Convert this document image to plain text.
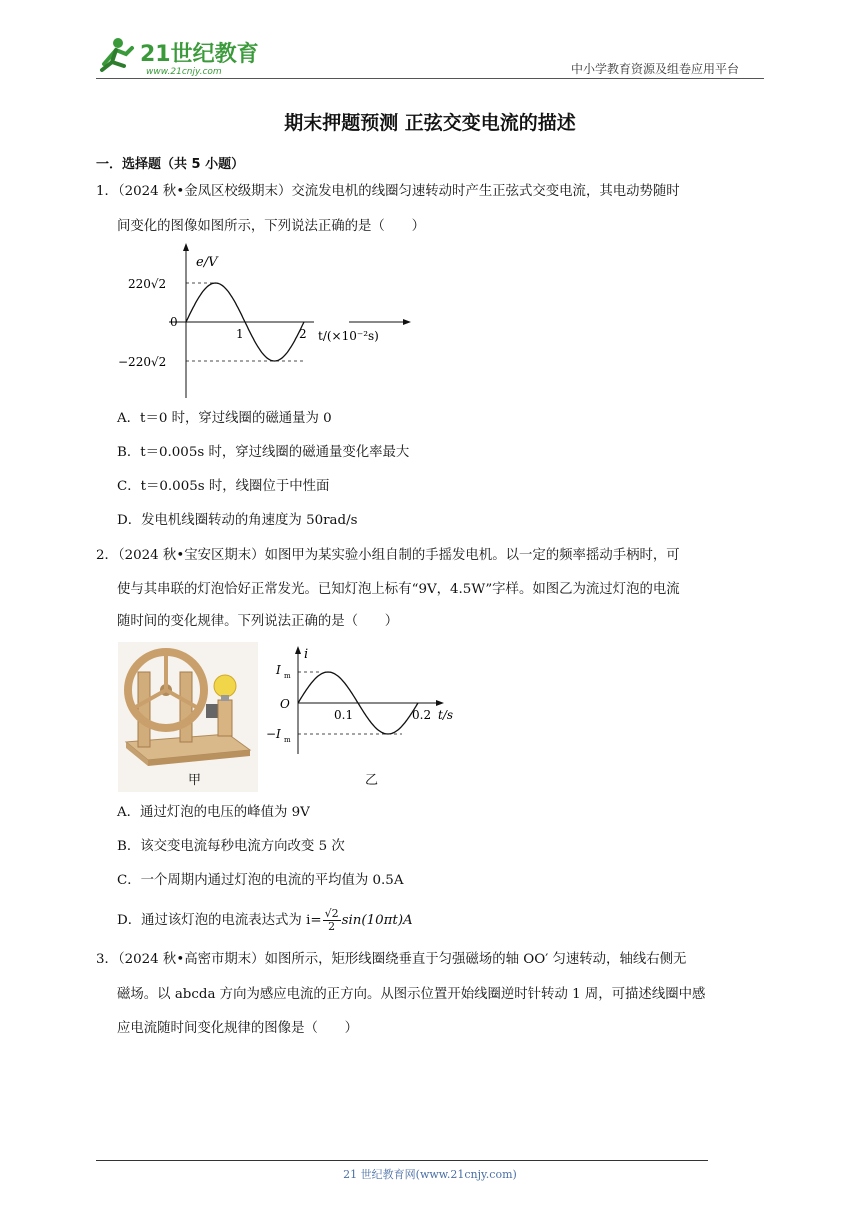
21世纪教育
www.21cnjy.com	中小学教育资源及组卷应用平台
期末押题预测 正弦交变电流的描述
一．选择题（共 5 小题）
1．（2024 秋•金凤区校级期末）交流发电机的线圈匀速转动时产生正弦式交变电流，其电动势随时
间变化的图像如图所示，下列说法正确的是（　　）
e/V
220√2
−220√2
0
1	2 t/(×10⁻²s)
A．t＝0 时，穿过线圈的磁通量为 0
B．t＝0.005s 时，穿过线圈的磁通量变化率最大
C．t＝0.005s 时，线圈位于中性面
D．发电机线圈转动的角速度为 50rad/s
2．（2024 秋•宝安区期末）如图甲为某实验小组自制的手摇发电机。以一定的频率摇动手柄时，可
使与其串联的灯泡恰好正常发光。已知灯泡上标有“9V，4.5W”字样。如图乙为流过灯泡的电流
随时间的变化规律。下列说法正确的是（　　）
i
I m
O
−I m
0.1	0.2 t/s
甲	乙
A．通过灯泡的电压的峰值为 9V
B．该交变电流每秒电流方向改变 5 次
C．一个周期内通过灯泡的电流的平均值为 0.5A
D．通过该灯泡的电流表达式为 $i= \frac{√2}{2} \sin(10\pi t)A$
3．（2024 秋•高密市期末）如图所示，矩形线圈绕垂直于匀强磁场的轴 OO′ 匀速转动，轴线右侧无
磁场。以 abcda 方向为感应电流的正方向。从图示位置开始线圈逆时针转动 1 周，可描述线圈中感
应电流随时间变化规律的图像是（　　）
21 世纪教育网(www.21cnjy.com)
